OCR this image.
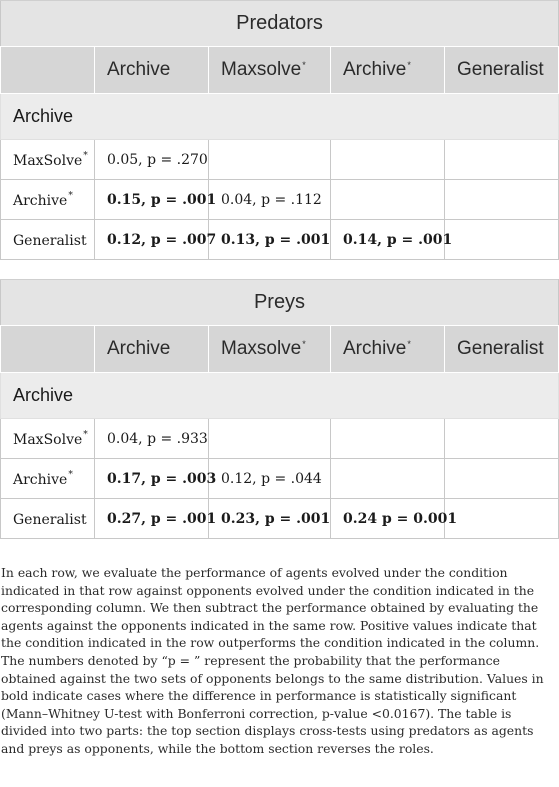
Predators				
	Archive	Maxsolve*	Archive*	Generalist
Archive				
MaxSolve*	0.05, p = .270			
Archive*	0.15, p = .001	0.04, p = .112		
Generalist	0.12, p = .007	0.13, p = .001	0.14, p = .001	
Preys				
	Archive	Maxsolve*	Archive*	Generalist
Archive				
MaxSolve*	0.04, p = .933			
Archive*	0.17, p = .003	0.12, p = .044		
Generalist	0.27, p = .001	0.23, p = .001	0.24 p = 0.001	

In each row, we evaluate the performance of agents evolved under the condition indicated in that row against opponents evolved under the condition indicated in the corresponding column. We then subtract the performance obtained by evaluating the agents against the opponents indicated in the same row. Positive values indicate that the condition indicated in the row outperforms the condition indicated in the column. The numbers denoted by “p = ” represent the probability that the performance obtained against the two sets of opponents belongs to the same distribution. Values in bold indicate cases where the difference in performance is statistically significant (Mann–Whitney U-test with Bonferroni correction, p-value <0.0167). The table is divided into two parts: the top section displays cross-tests using predators as agents and preys as opponents, while the bottom section reverses the roles.
